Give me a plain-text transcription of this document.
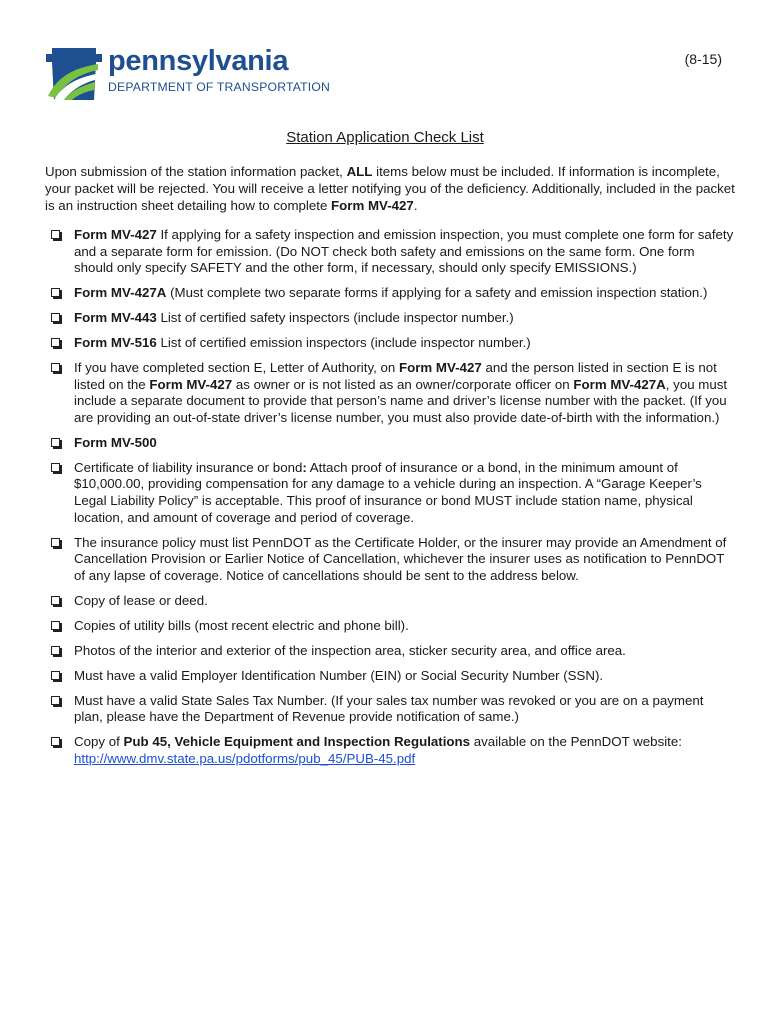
pennsylvania
DEPARTMENT OF TRANSPORTATION
(8-15)
Station Application Check List

Upon submission of the station information packet, ALL items below must be included. If information is incomplete, your packet will be rejected. You will receive a letter notifying you of the deficiency. Additionally, included in the packet is an instruction sheet detailing how to complete Form MV-427.

Form MV-427 If applying for a safety inspection and emission inspection, you must complete one form for safety and a separate form for emission. (Do NOT check both safety and emissions on the same form. One form should only specify SAFETY and the other form, if necessary, should only specify EMISSIONS.)
Form MV-427A (Must complete two separate forms if applying for a safety and emission inspection station.)
Form MV-443 List of certified safety inspectors (include inspector number.)
Form MV-516 List of certified emission inspectors (include inspector number.)
If you have completed section E, Letter of Authority, on Form MV-427 and the person listed in section E is not listed on the Form MV-427 as owner or is not listed as an owner/corporate officer on Form MV-427A, you must include a separate document to provide that person’s name and driver’s license number with the packet. (If you are providing an out-of-state driver’s license number, you must also provide date-of-birth with the information.)
Form MV-500
Certificate of liability insurance or bond: Attach proof of insurance or a bond, in the minimum amount of $10,000.00, providing compensation for any damage to a vehicle during an inspection. A “Garage Keeper’s Legal Liability Policy” is acceptable. This proof of insurance or bond MUST include station name, physical location, and amount of coverage and period of coverage.
The insurance policy must list PennDOT as the Certificate Holder, or the insurer may provide an Amendment of Cancellation Provision or Earlier Notice of Cancellation, whichever the insurer uses as notification to PennDOT of any lapse of coverage. Notice of cancellations should be sent to the address below.
Copy of lease or deed.
Copies of utility bills (most recent electric and phone bill).
Photos of the interior and exterior of the inspection area, sticker security area, and office area.
Must have a valid Employer Identification Number (EIN) or Social Security Number (SSN).
Must have a valid State Sales Tax Number. (If your sales tax number was revoked or you are on a payment plan, please have the Department of Revenue provide notification of same.)
Copy of Pub 45, Vehicle Equipment and Inspection Regulations available on the PennDOT website:
http://www.dmv.state.pa.us/pdotforms/pub_45/PUB-45.pdf
